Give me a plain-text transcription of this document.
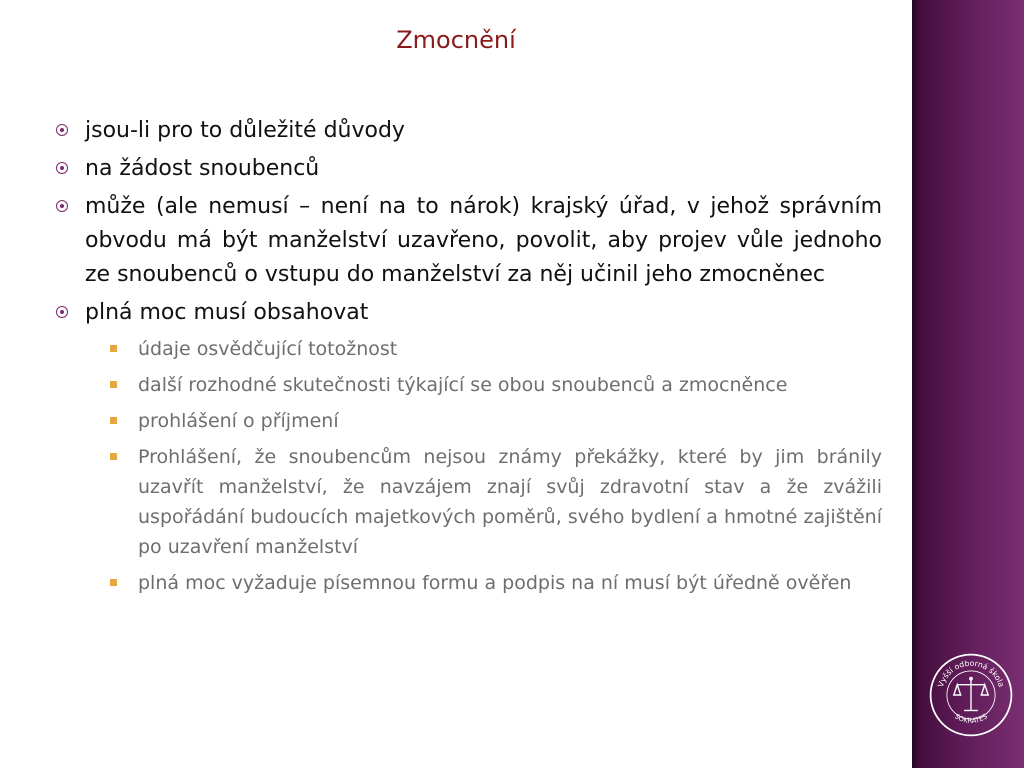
Zmocnění
jsou-li pro to důležité důvody
na žádost snoubenců
může (ale nemusí – není na to nárok) krajský úřad, v jehož správním obvodu má být manželství uzavřeno, povolit, aby projev vůle jednoho ze snoubenců o vstupu do manželství za něj učinil jeho zmocněnec
plná moc musí obsahovat
údaje osvědčující totožnost
další rozhodné skutečnosti týkající se obou snoubenců a zmocněnce
prohlášení o příjmení
Prohlášení, že snoubencům nejsou známy překážky, které by jim bránily uzavřít manželství, že navzájem znají svůj zdravotní stav a že zvážili uspořádání budoucích majetkových poměrů, svého bydlení a hmotné zajištění po uzavření manželství
plná moc vyžaduje písemnou formu a podpis na ní musí být úředně ověřen
Vyšší odborná škola
SOKRATES
